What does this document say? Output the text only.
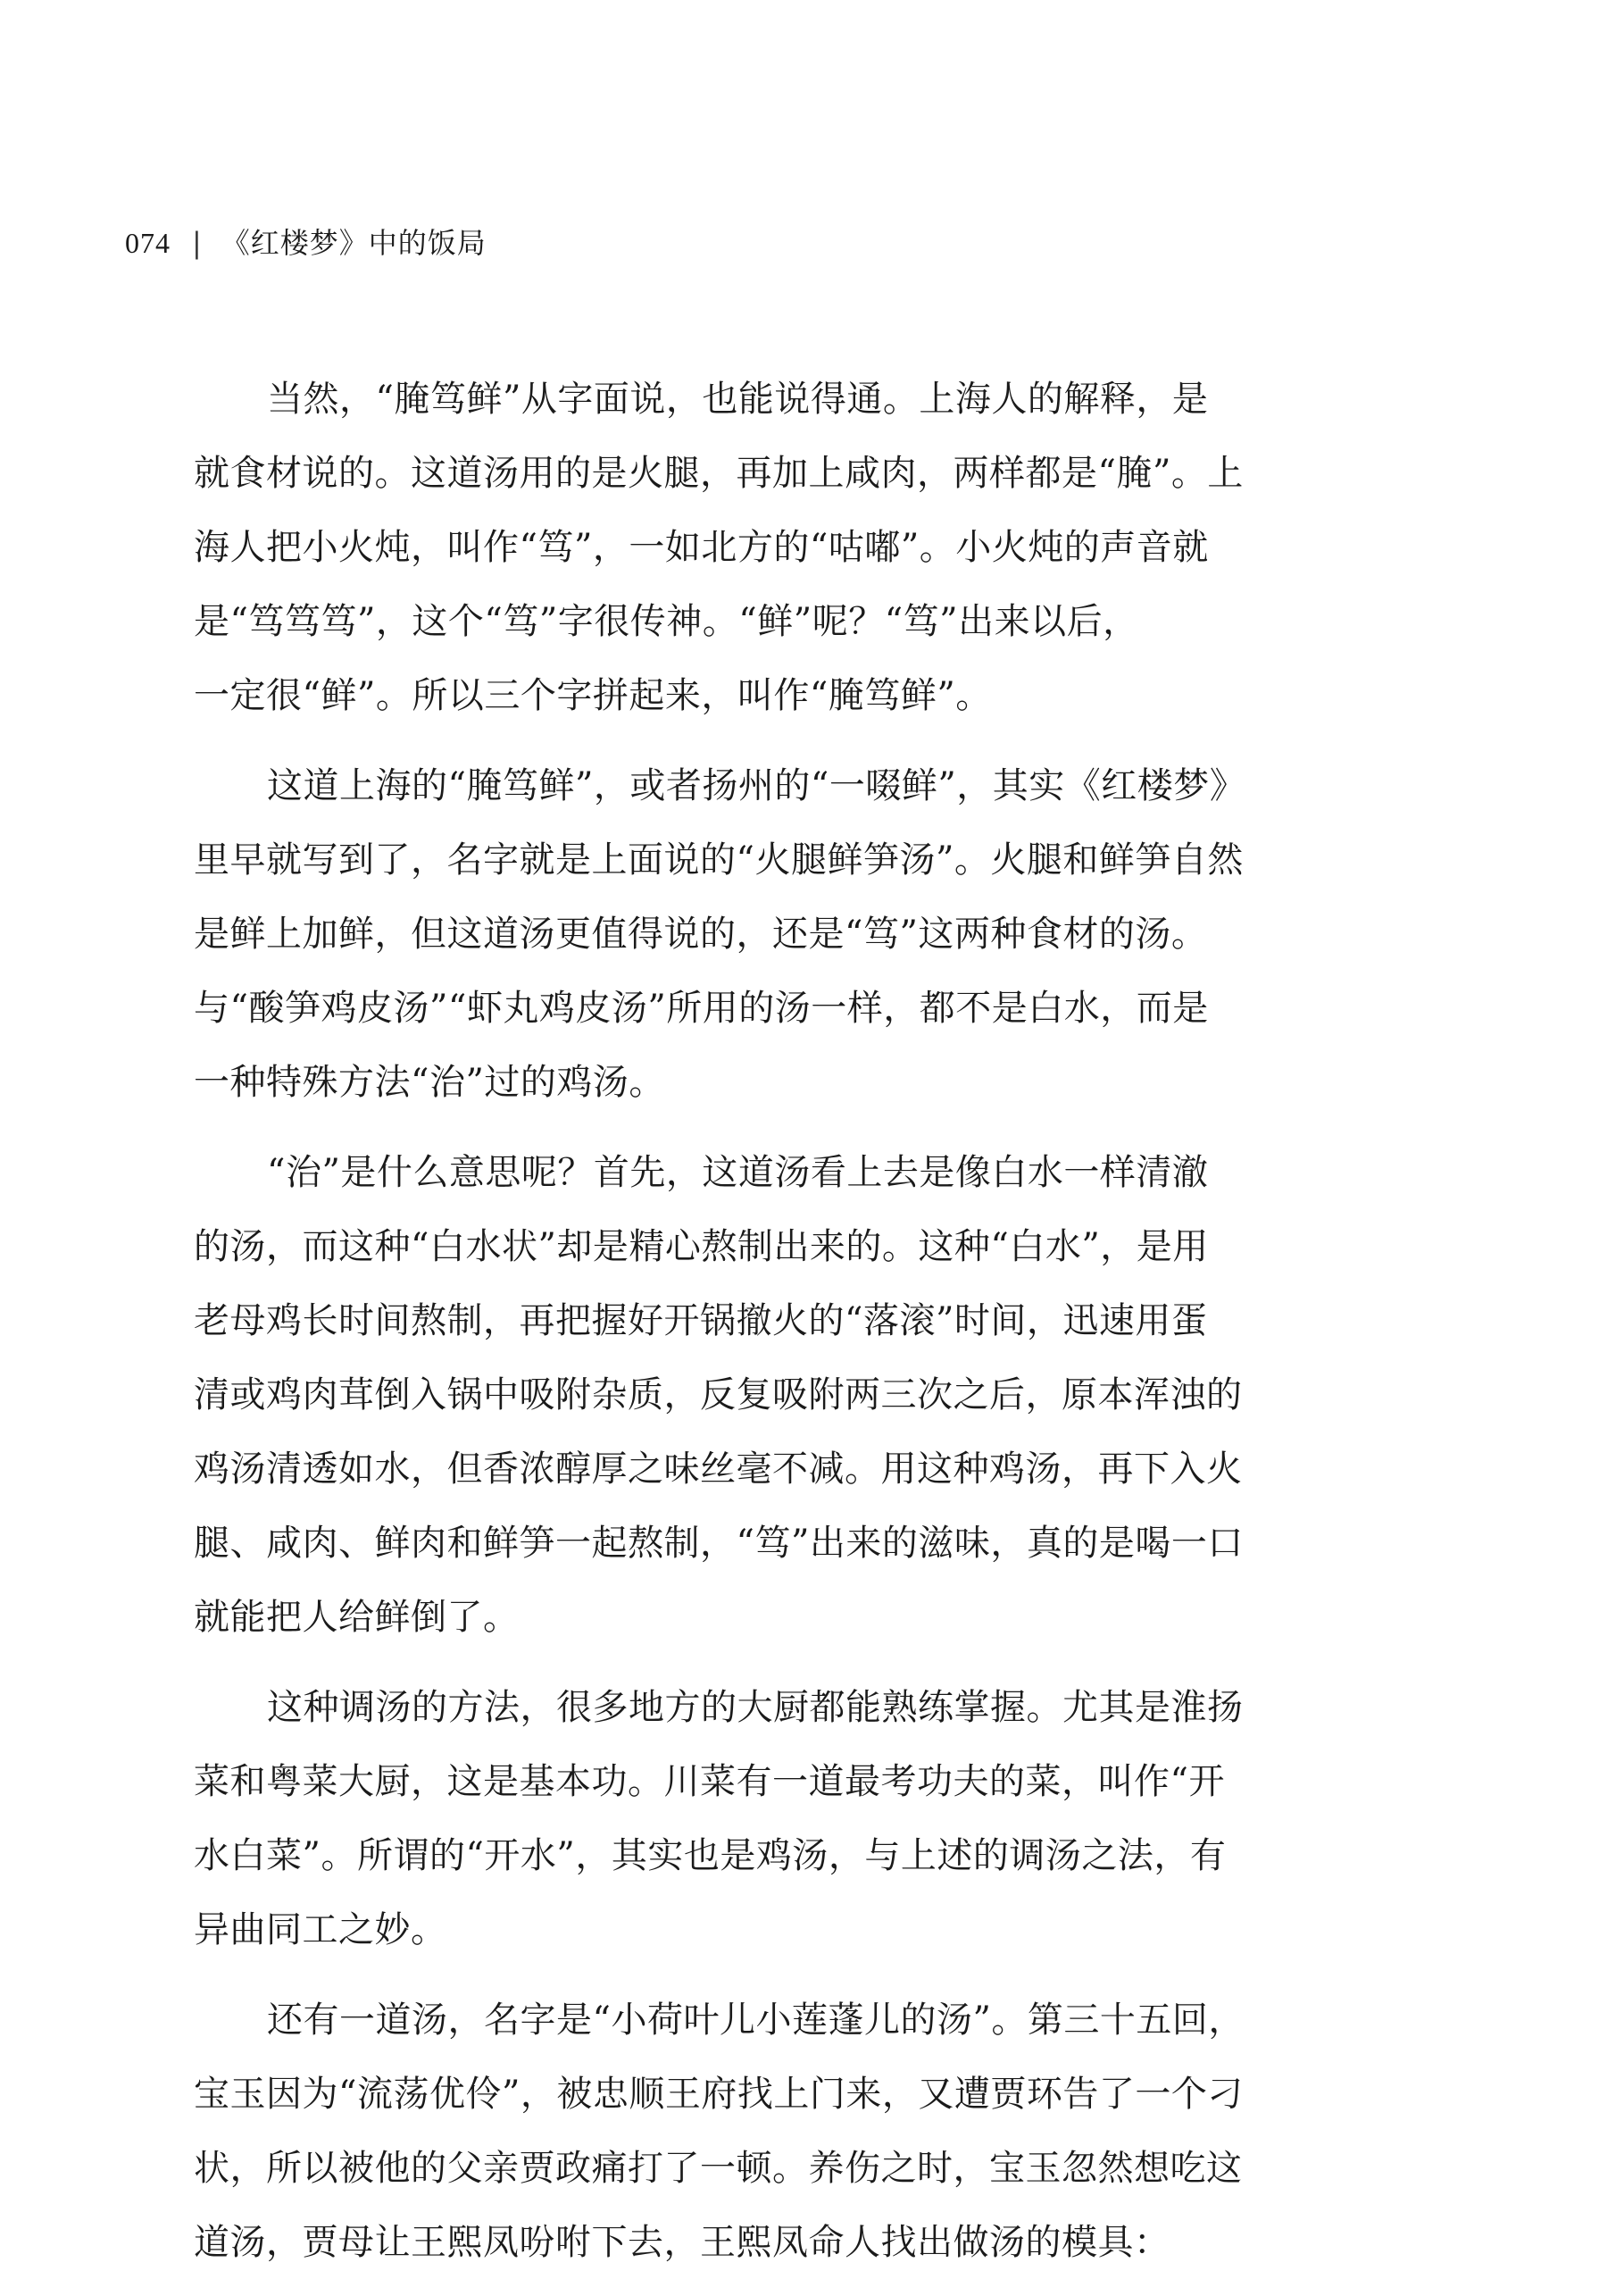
074 | 《红楼梦》中的饭局

当然，“腌笃鲜”从字面说，也能说得通。上海人的解释，是
就食材说的。这道汤用的是火腿，再加上咸肉，两样都是“腌”。上
海人把小火炖，叫作“笃”，一如北方的“咕嘟”。小火炖的声音就
是“笃笃笃”，这个“笃”字很传神。“鲜”呢？“笃”出来以后，
一定很“鲜”。所以三个字拼起来，叫作“腌笃鲜”。

这道上海的“腌笃鲜”，或者扬州的“一啜鲜”，其实《红楼梦》
里早就写到了，名字就是上面说的“火腿鲜笋汤”。火腿和鲜笋自然
是鲜上加鲜，但这道汤更值得说的，还是“笃”这两种食材的汤。
与“酸笋鸡皮汤”“虾丸鸡皮汤”所用的汤一样，都不是白水，而是
一种特殊方法“治”过的鸡汤。

“治”是什么意思呢？首先，这道汤看上去是像白水一样清澈
的汤，而这种“白水状”却是精心熬制出来的。这种“白水”，是用
老母鸡长时间熬制，再把握好开锅撤火的“落滚”时间，迅速用蛋
清或鸡肉茸倒入锅中吸附杂质，反复吸附两三次之后，原本浑浊的
鸡汤清透如水，但香浓醇厚之味丝毫不减。用这种鸡汤，再下入火
腿、咸肉、鲜肉和鲜笋一起熬制，“笃”出来的滋味，真的是喝一口
就能把人给鲜倒了。

这种调汤的方法，很多地方的大厨都能熟练掌握。尤其是淮扬
菜和粤菜大厨，这是基本功。川菜有一道最考功夫的菜，叫作“开
水白菜”。所谓的“开水”，其实也是鸡汤，与上述的调汤之法，有
异曲同工之妙。

还有一道汤，名字是“小荷叶儿小莲蓬儿的汤”。第三十五回，
宝玉因为“流荡优伶”，被忠顺王府找上门来，又遭贾环告了一个刁
状，所以被他的父亲贾政痛打了一顿。养伤之时，宝玉忽然想吃这
道汤，贾母让王熙凤吩咐下去，王熙凤命人找出做汤的模具：
